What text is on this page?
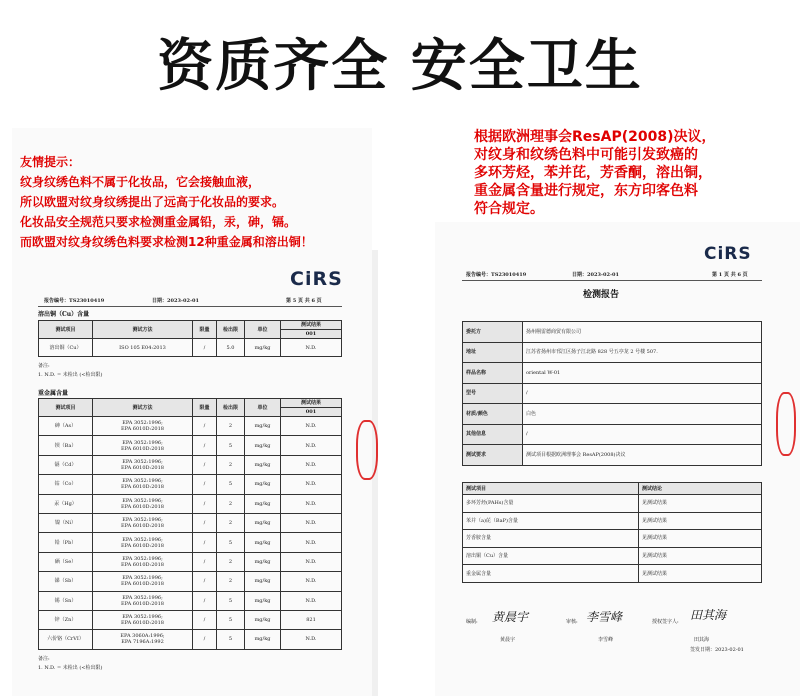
资质齐全 安全卫生
友情提示：
纹身纹绣色料不属于化妆品，它会接触血液，
所以欧盟对纹身纹绣提出了远高于化妆品的要求。
化妆品安全规范只要求检测重金属铅，汞，砷，镉。
而欧盟对纹身纹绣色料要求检测12种重金属和溶出铜！
CiRS
报告编号：TS23010419	日期：2023-02-01	第 5 页 共 6 页
溶出铜（Cu）含量
测试项目	测试方法	限量	检出限	单位	测试结果
					001
溶出铜（Cu）	ISO 105 E04:2013	/	5.0	mg/kg	N.D.
备注:
1. N.D. = 未检出 (<检出限)
重金属含量
测试项目	测试方法	限量	检出限	单位	测试结果
					001
砷（As）	EPA 3052:1996;
EPA 6010D:2018	/	2	mg/kg	N.D.
钡（Ba）	EPA 3052:1996;
EPA 6010D:2018	/	5	mg/kg	N.D.
镉（Cd）	EPA 3052:1996;
EPA 6010D:2018	/	2	mg/kg	N.D.
钴（Co）	EPA 3052:1996;
EPA 6010D:2018	/	5	mg/kg	N.D.
汞（Hg）	EPA 3052:1996;
EPA 6010D:2018	/	2	mg/kg	N.D.
镍（Ni）	EPA 3052:1996;
EPA 6010D:2018	/	2	mg/kg	N.D.
铅（Pb）	EPA 3052:1996;
EPA 6010D:2018	/	5	mg/kg	N.D.
硒（Se）	EPA 3052:1996;
EPA 6010D:2018	/	2	mg/kg	N.D.
锑（Sb）	EPA 3052:1996;
EPA 6010D:2018	/	2	mg/kg	N.D.
锡（Sn）	EPA 3052:1996;
EPA 6010D:2018	/	5	mg/kg	N.D.
锌（Zn）	EPA 3052:1996;
EPA 6010D:2018	/	5	mg/kg	821
六价铬（CrVI）	EPA 3060A:1996;
EPA 7196A:1992	/	5	mg/kg	N.D.
备注:
1. N.D. = 未检出 (<检出限)
根据欧洲理事会ResAP(2008)决议，
对纹身和纹绣色料中可能引发致癌的
多环芳烃，苯并芘，芳香酮，溶出铜，
重金属含量进行规定，东方印客色料
符合规定。
CiRS
报告编号：TS23010419	日期：2023-02-01	第 1 页 共 6 页
检测报告
委托方	扬州栩雷德商贸有限公司
地址	江苏省扬州市邗江区扬子江北路 828 号五亭龙 2 号楼 507.
样品名称	oriental W-01
型号	/
材质/颜色	白色
其他信息	/
测试要求	测试项目根据欧洲理事会 ResAP(2008)决议
测试项目	测试结论
多环芳烃(PAHs)含量	见测试结果
苯并（a)芘（BaP)含量	见测试结果
芳香胺含量	见测试结果
溶出铜（Cu）含量	见测试结果
重金属含量	见测试结果
编制: 黄晨宇
黄晨宇
审核: 李雪峰
李雪峰
授权签字人: 田其海
田其海
签发日期：2023-02-01
